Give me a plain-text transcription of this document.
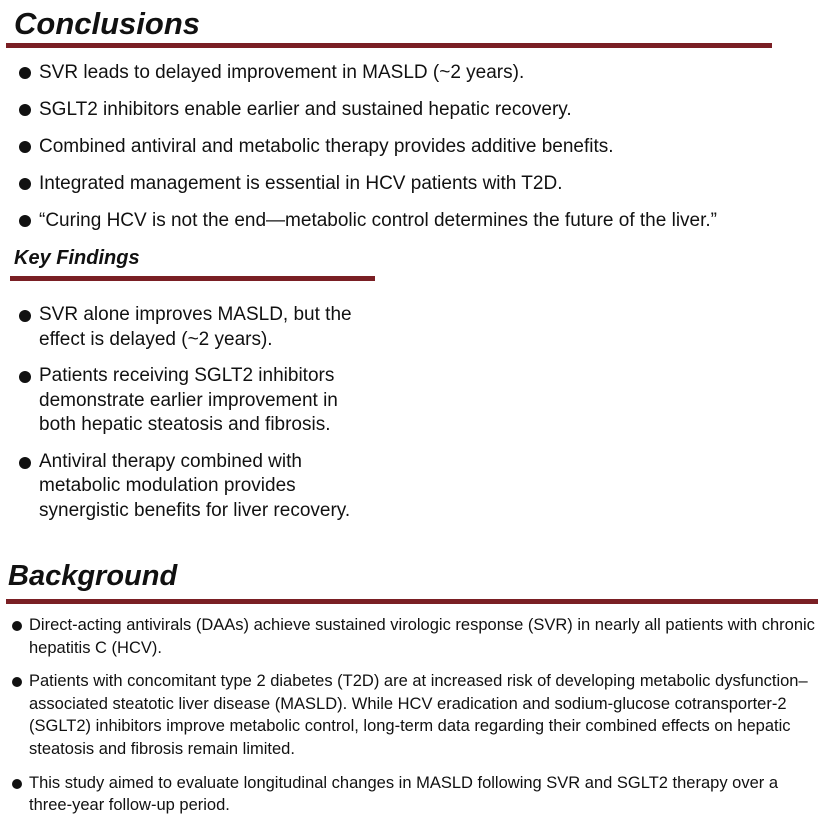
Conclusions
SVR leads to delayed improvement in MASLD (~2 years).
SGLT2 inhibitors enable earlier and sustained hepatic recovery.
Combined antiviral and metabolic therapy provides additive benefits.
Integrated management is essential in HCV patients with T2D.
“Curing HCV is not the end—metabolic control determines the future of the liver.”
Key Findings
SVR alone improves MASLD, but the effect is delayed (~2 years).
Patients receiving SGLT2 inhibitors demonstrate earlier improvement in both hepatic steatosis and fibrosis.
Antiviral therapy combined with metabolic modulation provides synergistic benefits for liver recovery.
Background
Direct-acting antivirals (DAAs) achieve sustained virologic response (SVR) in nearly all patients with chronic hepatitis C (HCV).
Patients with concomitant type 2 diabetes (T2D) are at increased risk of developing metabolic dysfunction–associated steatotic liver disease (MASLD). While HCV eradication and sodium-glucose cotransporter-2 (SGLT2) inhibitors improve metabolic control, long-term data regarding their combined effects on hepatic steatosis and fibrosis remain limited.
This study aimed to evaluate longitudinal changes in MASLD following SVR and SGLT2 therapy over a three-year follow-up period.
